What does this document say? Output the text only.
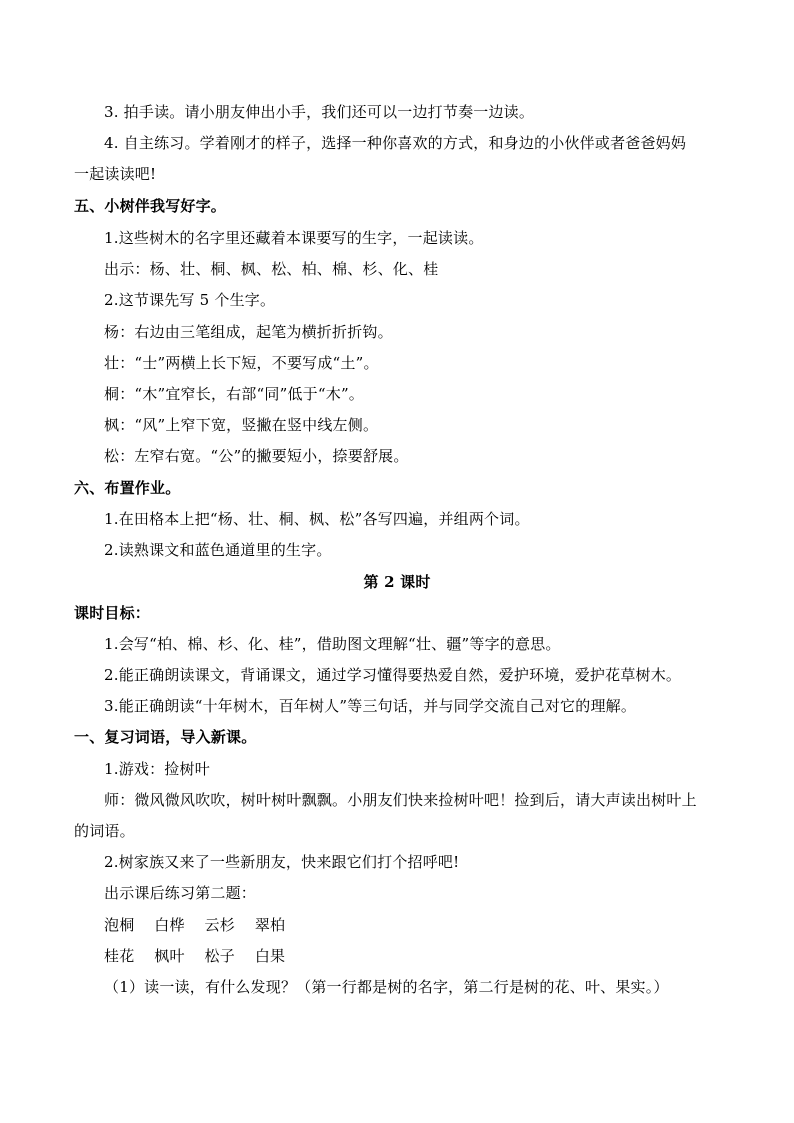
3. 拍手读。请小朋友伸出小手，我们还可以一边打节奏一边读。
4. 自主练习。学着刚才的样子，选择一种你喜欢的方式，和身边的小伙伴或者爸爸妈妈
一起读读吧!
五、小树伴我写好字。
1.这些树木的名字里还藏着本课要写的生字，一起读读。
出示：杨、壮、桐、枫、松、柏、棉、杉、化、桂
2.这节课先写 5 个生字。
杨：右边由三笔组成，起笔为横折折折钩。
壮：“士”两横上长下短，不要写成“土”。
桐：“木”宜窄长，右部“同”低于“木”。
枫：“风”上窄下宽，竖撇在竖中线左侧。
松：左窄右宽。“公”的撇要短小，捺要舒展。
六、布置作业。
1.在田格本上把“杨、壮、桐、枫、松”各写四遍，并组两个词。
2.读熟课文和蓝色通道里的生字。
第 2 课时
课时目标：
1.会写“柏、棉、杉、化、桂”，借助图文理解“壮、疆”等字的意思。
2.能正确朗读课文，背诵课文，通过学习懂得要热爱自然，爱护环境，爱护花草树木。
3.能正确朗读“十年树木，百年树人”等三句话，并与同学交流自己对它的理解。
一、复习词语，导入新课。
1.游戏：捡树叶
师：微风微风吹吹，树叶树叶飘飘。小朋友们快来捡树叶吧！捡到后，请大声读出树叶上
的词语。
2.树家族又来了一些新朋友，快来跟它们打个招呼吧!
出示课后练习第二题：
泡桐    白桦    云杉    翠柏
桂花    枫叶    松子    白果
（1）读一读，有什么发现？（第一行都是树的名字，第二行是树的花、叶、果实。）
